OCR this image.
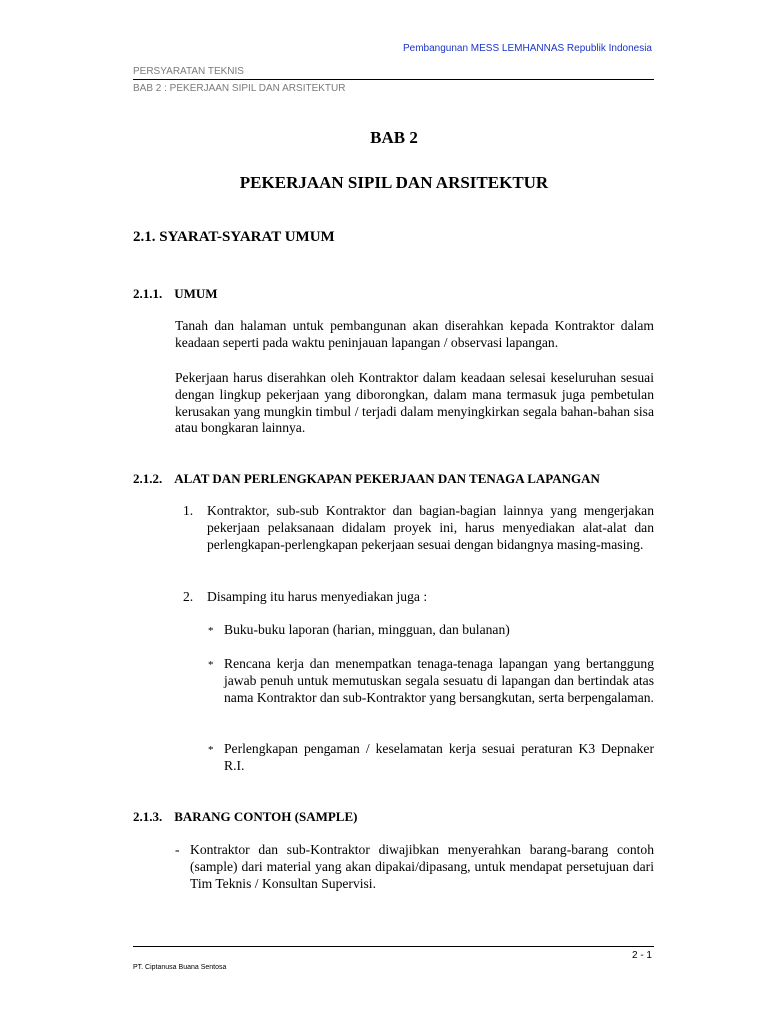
Pembangunan MESS LEMHANNAS Republik Indonesia
PERSYARATAN TEKNIS
BAB 2 : PEKERJAAN SIPIL DAN ARSITEKTUR
BAB 2
PEKERJAAN SIPIL DAN ARSITEKTUR
2.1. SYARAT-SYARAT UMUM
2.1.1. UMUM
Tanah dan halaman untuk pembangunan akan diserahkan kepada Kontraktor dalam keadaan seperti pada waktu peninjauan lapangan / observasi lapangan.
Pekerjaan harus diserahkan oleh Kontraktor dalam keadaan selesai keseluruhan sesuai dengan lingkup pekerjaan yang diborongkan, dalam mana termasuk juga pembetulan kerusakan yang mungkin timbul / terjadi dalam menyingkirkan segala bahan-bahan sisa atau bongkaran lainnya.
2.1.2. ALAT DAN PERLENGKAPAN PEKERJAAN DAN TENAGA LAPANGAN
1. Kontraktor, sub-sub Kontraktor dan bagian-bagian lainnya yang mengerjakan pekerjaan pelaksanaan didalam proyek ini, harus menyediakan alat-alat dan perlengkapan-perlengkapan pekerjaan sesuai dengan bidangnya masing-masing.
2. Disamping itu harus menyediakan juga :
* Buku-buku laporan (harian, mingguan, dan bulanan)
* Rencana kerja dan menempatkan tenaga-tenaga lapangan yang bertanggung jawab penuh untuk memutuskan segala sesuatu di lapangan dan bertindak atas nama Kontraktor dan sub-Kontraktor yang bersangkutan, serta berpengalaman.
* Perlengkapan pengaman / keselamatan kerja sesuai peraturan K3 Depnaker R.I.
2.1.3. BARANG CONTOH (SAMPLE)
- Kontraktor dan sub-Kontraktor diwajibkan menyerahkan barang-barang contoh (sample) dari material yang akan dipakai/dipasang, untuk mendapat persetujuan dari Tim Teknis / Konsultan Supervisi.
2 - 1
PT. Ciptanusa Buana Sentosa
